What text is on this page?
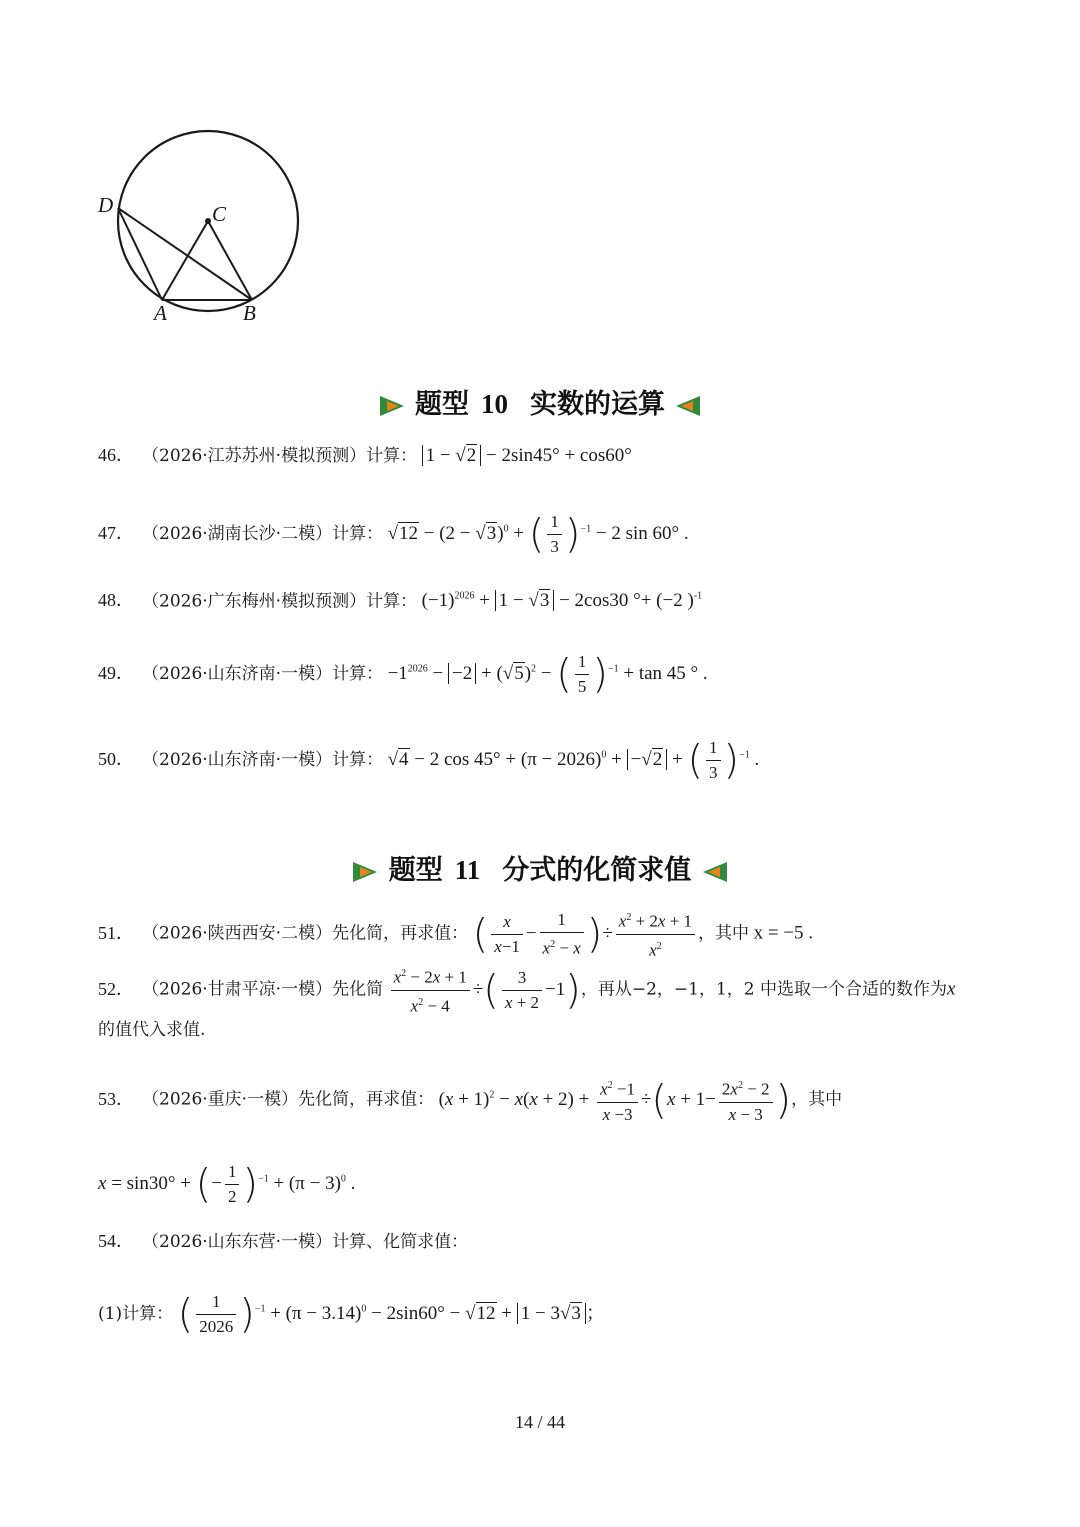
D	C
A	B
题型 10 实数的运算
46． （2026·江苏苏州·模拟预测）计算： 1 − √2 − 2sin45° + cos60°
47． （2026·湖南长沙·二模）计算： $√12 - (2 - √3)^0$ + ( $\frac{1}{3} )^{-1} - 2$ sin 60° .
48． （2026·广东梅州·模拟预测）计算： $(-1)^{2026} + 1 - √3 - 2\cos 30$ °+ (−2 )$^{-1}$
49． （2026·山东济南·一模）计算： $-1^{2026} - -2 + (√5)^2$ − ( $\frac{1}{5} )^{-1} + \tan 45$ ° .
50． （2026·山东济南·一模）计算： √4 − 2 $\cos 45^\circ + (\pi - 2026)^0 + -√2$ + ( $\frac{1}{3} )^{-1}$ .
题型 11 分式的化简求值
51． （2026·陕西西安·二模）先化简，再求值： ( $\frac{x}{x-1} - \frac{1}{x^2 - x}$ )÷ $\frac{x^2 + 2x + 1}{x^2}$ ，其中 x = −5 .
52． （2026·甘肃平凉·一模）先化简 $\frac{x^2 - 2x + 1}{x^2 - 4}$ ÷( $\frac{3}{x + 2} -1$)，再从−2，−1，1，2 中选取一个合适的数作为x
的值代入求值.
53． （2026·重庆·一模）先化简，再求值： $(x + 1)^2 - x(x + 2) + \frac{x^2 -1}{x -3} \div(x + 1- \frac{2x^2 - 2}{x - 3}$ )，其中
x = sin30° + (− $\frac{1}{2} )^{-1} + (\pi - 3)^0$ .
54． （2026·山东东营·一模）计算、化简求值：
(1)计算： ( $\frac{1}{2026} )^{-1} + (\pi - 3.14)^0 - 2\sin 60^\circ - √12 + 1 - 3√3$ ；
14 / 44
